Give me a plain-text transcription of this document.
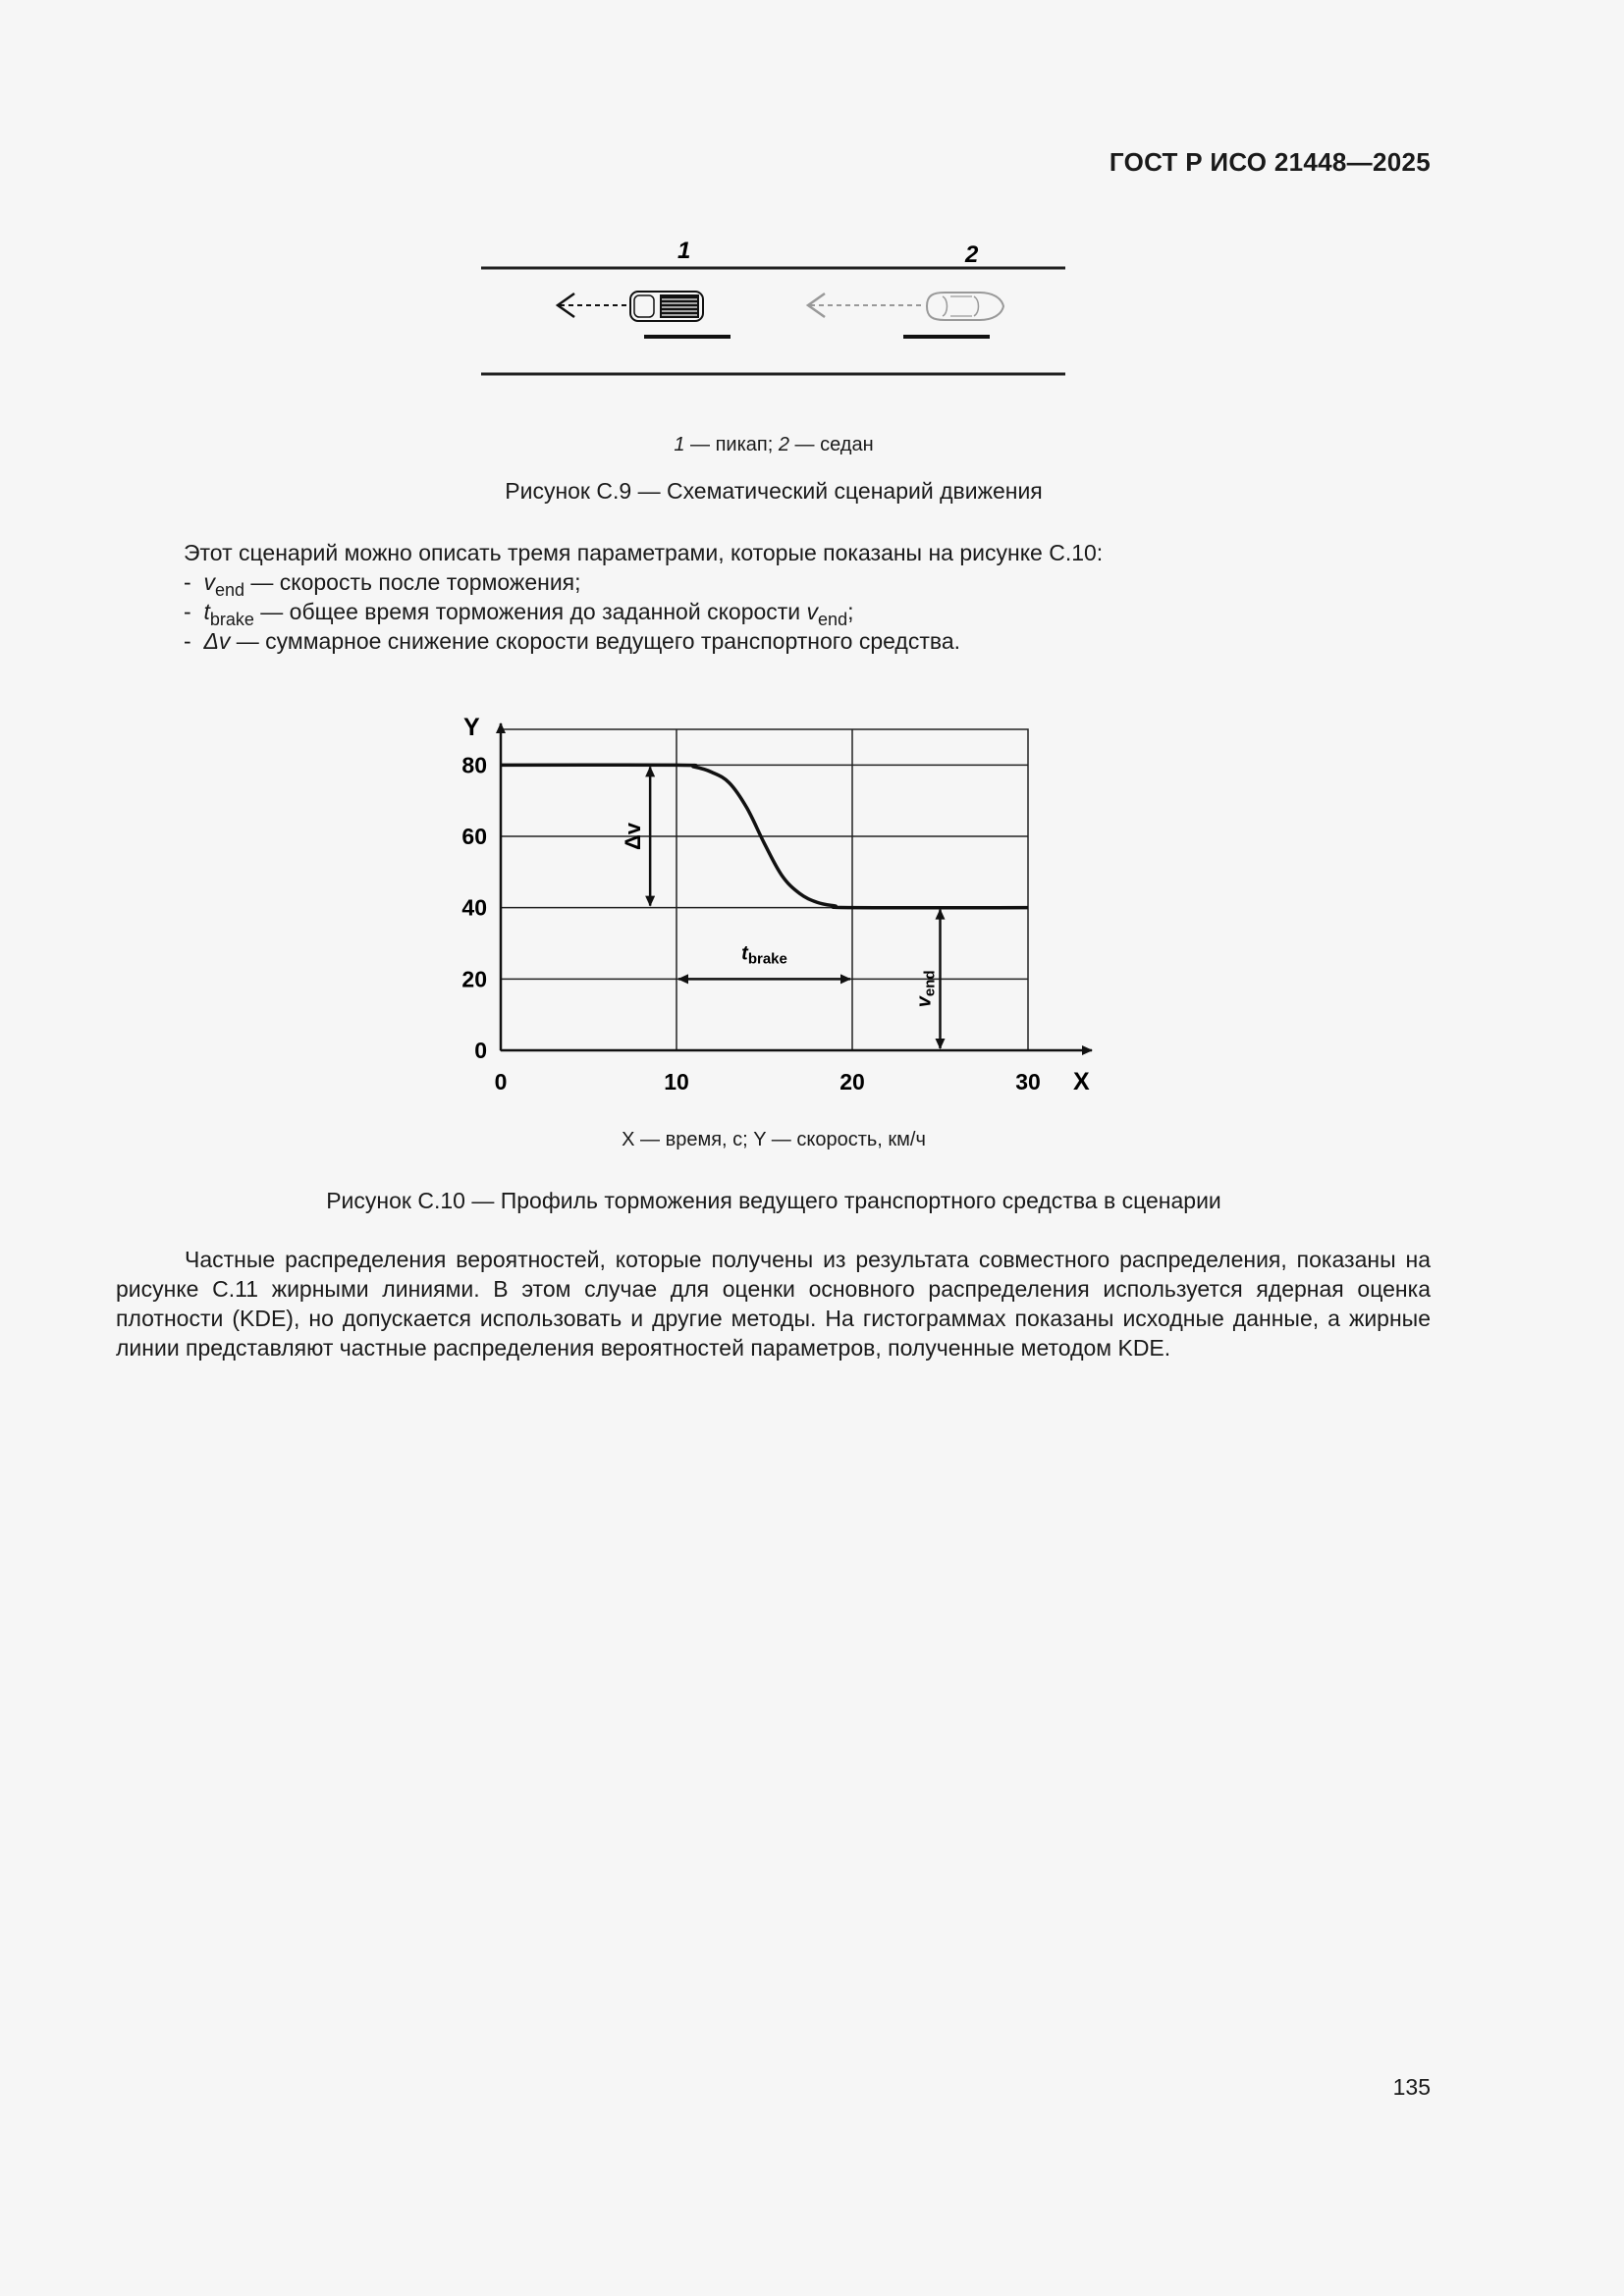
ГОСТ Р ИСО 21448—2025
1	2
1 — пикап; 2 — седан
Рисунок С.9 — Схематический сценарий движения
Этот сценарий можно описать тремя параметрами, которые показаны на рисунке С.10:
- $v_{end}$ — скорость после торможения;
- $t_{brake}$ — общее время торможения до заданной скорости $v_{end}$;
- Δv — суммарное снижение скорости ведущего транспортного средства.
Y
X
0
20
40
60
80
0	10	20	30
Δv
$t_{brake}$
$v_{end}$
X — время, с; Y — скорость, км/ч
Рисунок С.10 — Профиль торможения ведущего транспортного средства в сценарии

Частные распределения вероятностей, которые получены из результата совместного распределения, показаны на рисунке С.11 жирными линиями. В этом случае для оценки основного распределения используется ядерная оценка плотности (KDE), но допускается использовать и другие методы. На гистограммах показаны исходные данные, а жирные линии представляют частные распределения вероятностей параметров, полученные методом KDE.

135
